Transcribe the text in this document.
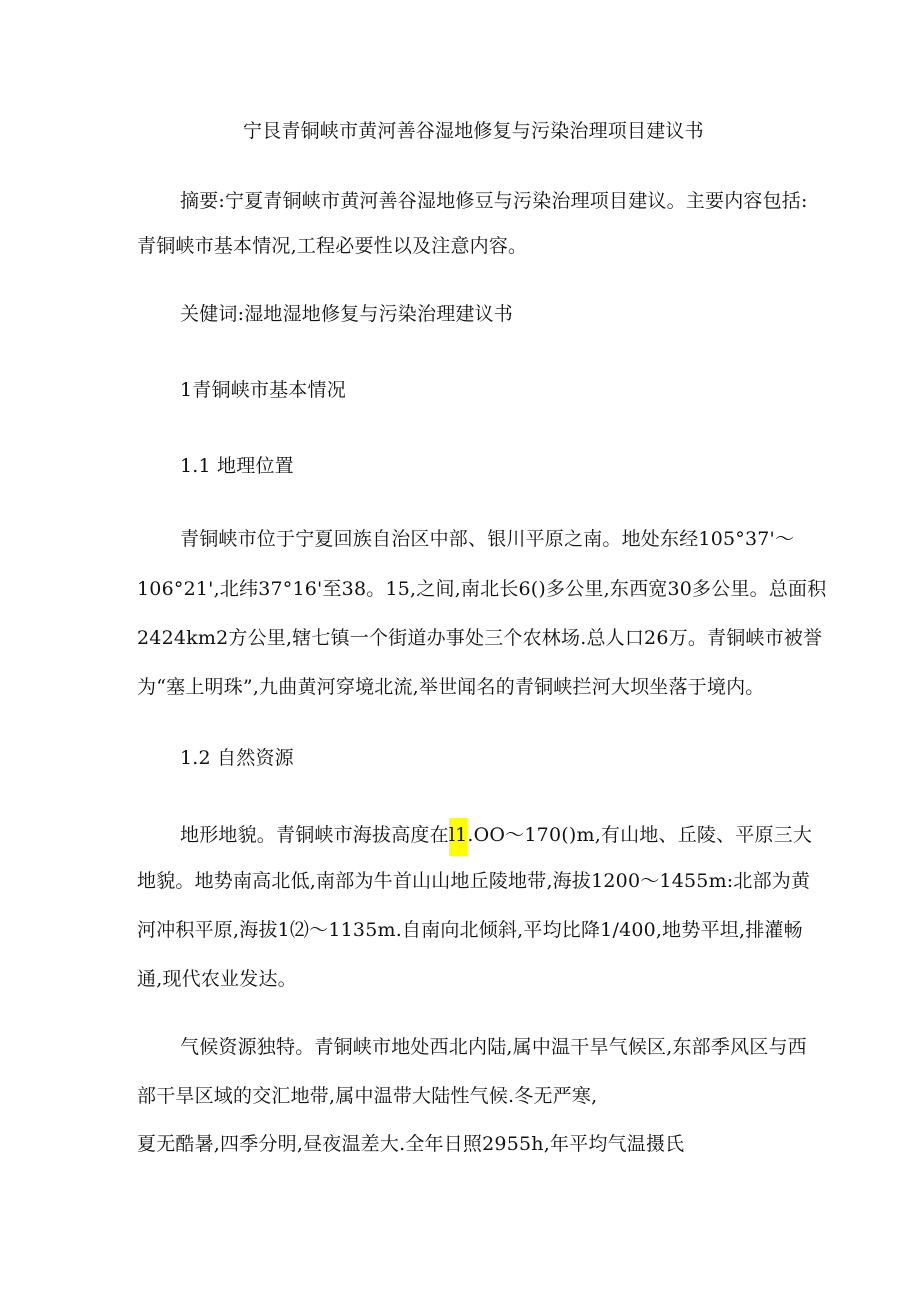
宁艮青铜峡市黄河善谷湿地修复与污染治理项目建议书
摘要:宁夏青铜峡市黄河善谷湿地修豆与污染治理项目建议。主要内容包括:
青铜峡市基本情况,工程必要性以及注意内容。
关健词:湿地湿地修复与污染治理建议书
1青铜峡市基本情况
1.1 地理位置
青铜峡市位于宁夏回族自治区中部、银川平原之南。地处东经105°37'～
106°21',北纬37°16'至38。15,之间,南北长6()多公里,东西宽30多公里。总面积
2424km2方公里,辖七镇一个街道办事处三个农林场.总人口26万。青铜峡市被誉
为“塞上明珠”,九曲黄河穿境北流,举世闻名的青铜峡拦河大坝坐落于境内。
1.2 自然资源
地形地貌。青铜峡市海拔高度在l1.OO～170()m,有山地、丘陵、平原三大
地貌。地势南高北低,南部为牛首山山地丘陵地带,海拔1200～1455m:北部为黄
河冲积平原,海拔1⑵～1135m.自南向北倾斜,平均比降1/400,地势平坦,排灌畅
通,现代农业发达。
气候资源独特。青铜峡市地处西北内陆,属中温干旱气候区,东部季风区与西
部干旱区域的交汇地带,属中温带大陆性气候.冬无严寒,
夏无酷暑,四季分明,昼夜温差大.全年日照2955h,年平均气温摄氏
